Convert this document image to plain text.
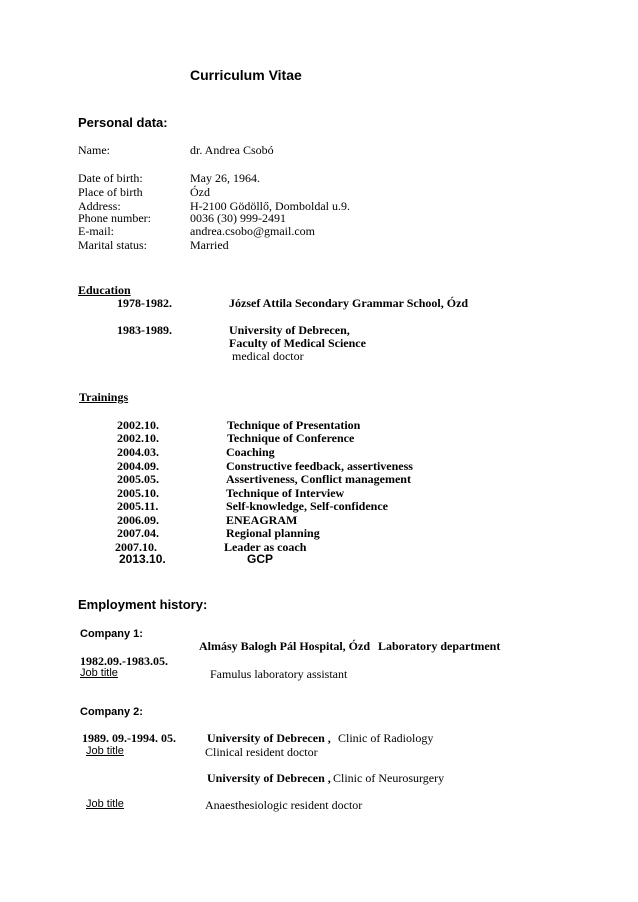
Curriculum Vitae
Personal data:
Name:	dr. Andrea Csobó
Date of birth:	May 26, 1964.
Place of birth	Ózd
Address:	H-2100 Gödöllő, Domboldal u.9.
Phone number:	0036 (30) 999-2491
E-mail:	andrea.csobo@gmail.com
Marital status:	Married
Education
1978-1982.	József Attila Secondary Grammar School, Ózd
1983-1989.	University of Debrecen,
Faculty of Medical Science
medical doctor
Trainings
2002.10.	Technique of Presentation
2002.10.	Technique of Conference
2004.03.	Coaching
2004.09.	Constructive feedback, assertiveness
2005.05.	Assertiveness, Conflict management
2005.10.	Technique of Interview
2005.11.	Self-knowledge, Self-confidence
2006.09.	ENEAGRAM
2007.04.	Regional planning
2007.10.	Leader as coach
2013.10.	GCP
Employment history:
Company 1:
Almásy Balogh Pál Hospital, Ózd Laboratory department
1982.09.-1983.05.
Job title	Famulus laboratory assistant
Company 2:
1989. 09.-1994. 05.	University of Debrecen , Clinic of Radiology
Job title	Clinical resident doctor
University of Debrecen , Clinic of Neurosurgery
Job title	Anaesthesiologic resident doctor
